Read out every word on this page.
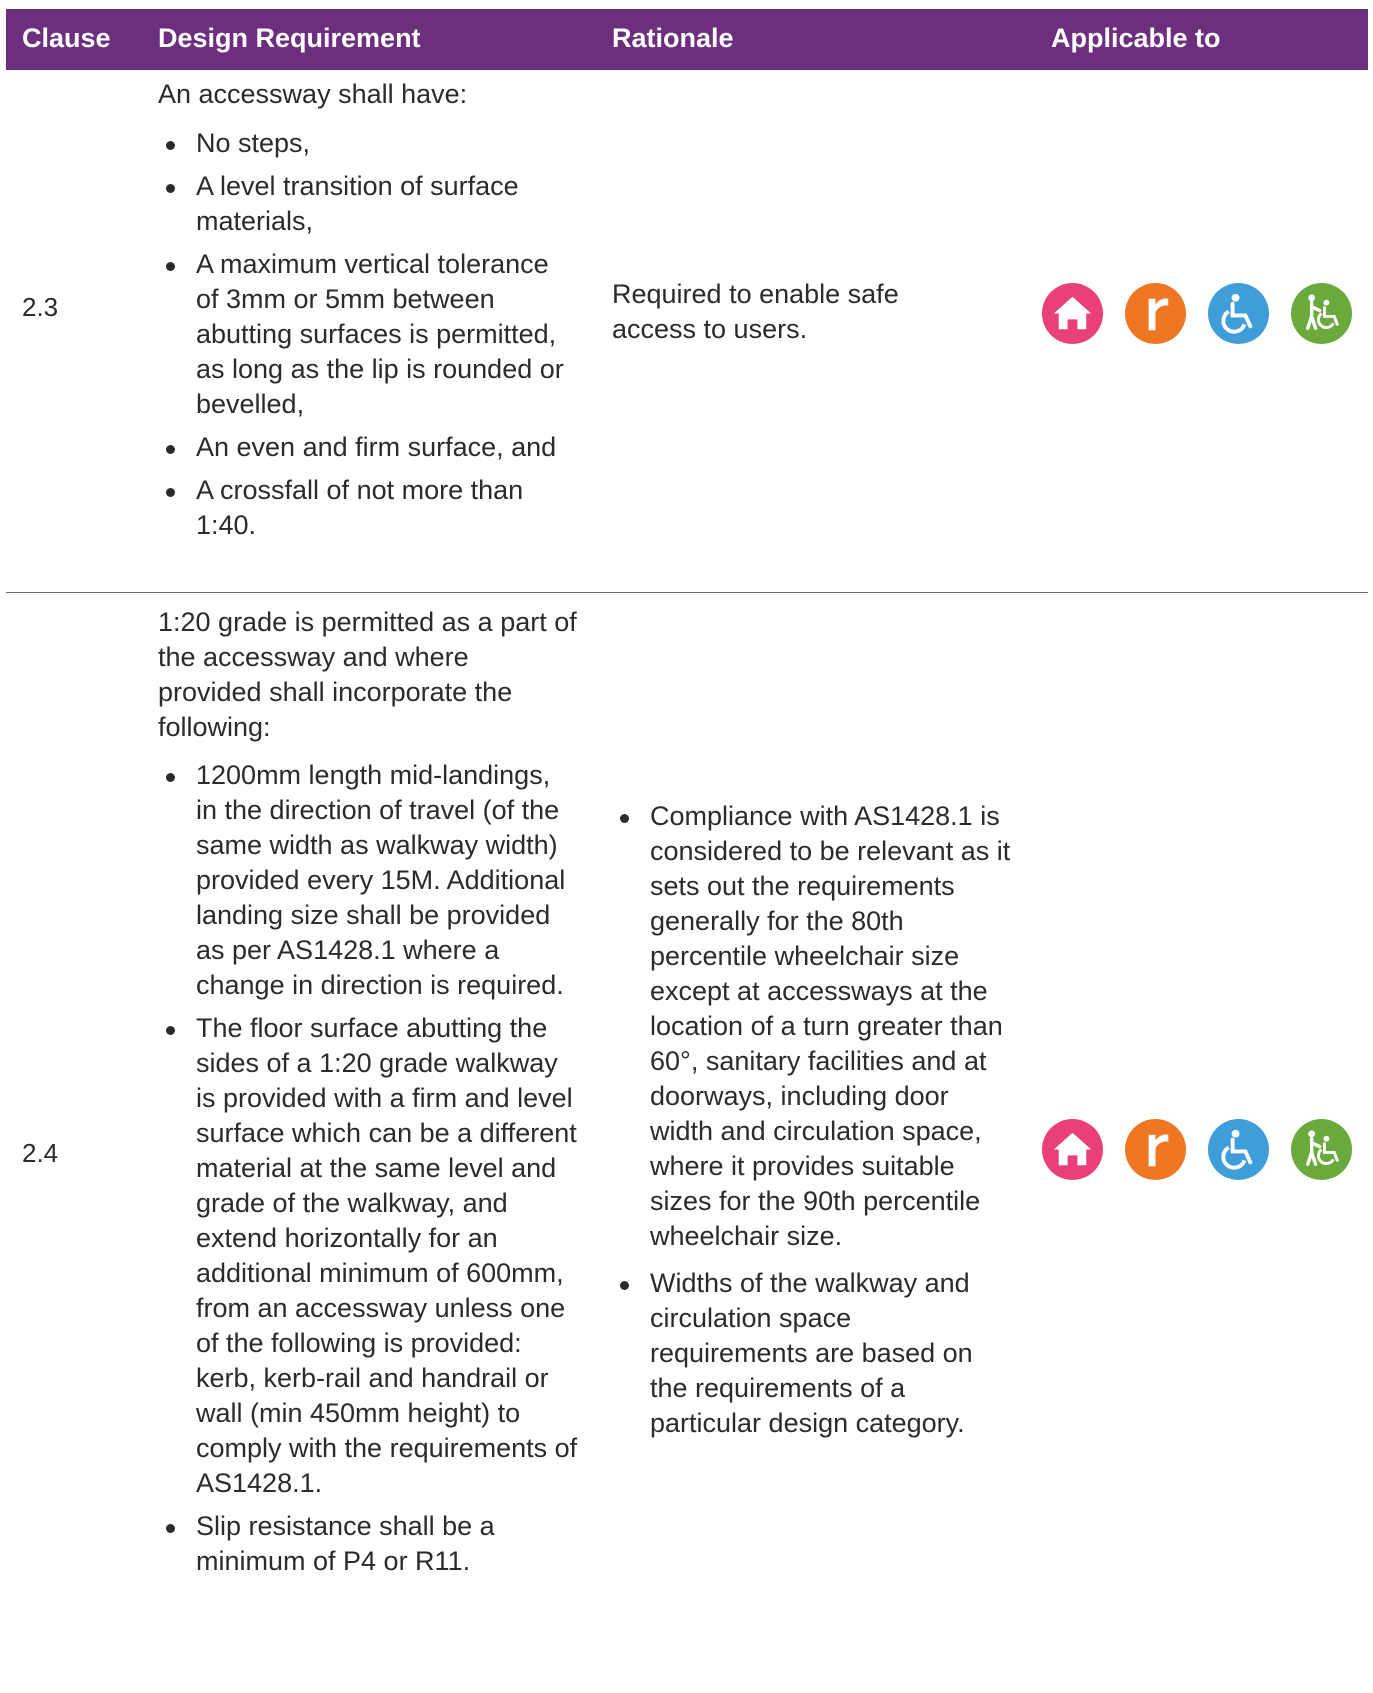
Clause Design Requirement	Rationale	Applicable to
2.3

An accessway shall have:

No steps,
A level transition of surface materials,
A maximum vertical tolerance of 3mm or 5mm between abutting surfaces is permitted, as long as the lip is rounded or bevelled,
An even and firm surface, and
A crossfall of not more than 1:40.

Required to enable safe access to users.

2.4

1:20 grade is permitted as a part of the accessway and where provided shall incorporate the following:

1200mm length mid-landings, in the direction of travel (of the same width as walkway width) provided every 15M. Additional landing size shall be provided as per AS1428.1 where a change in direction is required.
The floor surface abutting the sides of a 1:20 grade walkway is provided with a firm and level surface which can be a different material at the same level and grade of the walkway, and extend horizontally for an additional minimum of 600mm, from an accessway unless one of the following is provided: kerb, kerb-rail and handrail or wall (min 450mm height) to comply with the requirements of AS1428.1.
Slip resistance shall be a minimum of P4 or R11.
Compliance with AS1428.1 is considered to be relevant as it sets out the requirements generally for the 80th percentile wheelchair size except at accessways at the location of a turn greater than 60°, sanitary facilities and at doorways, including door width and circulation space, where it provides suitable sizes for the 90th percentile wheelchair size.
Widths of the walkway and circulation space requirements are based on the requirements of a particular design category.
